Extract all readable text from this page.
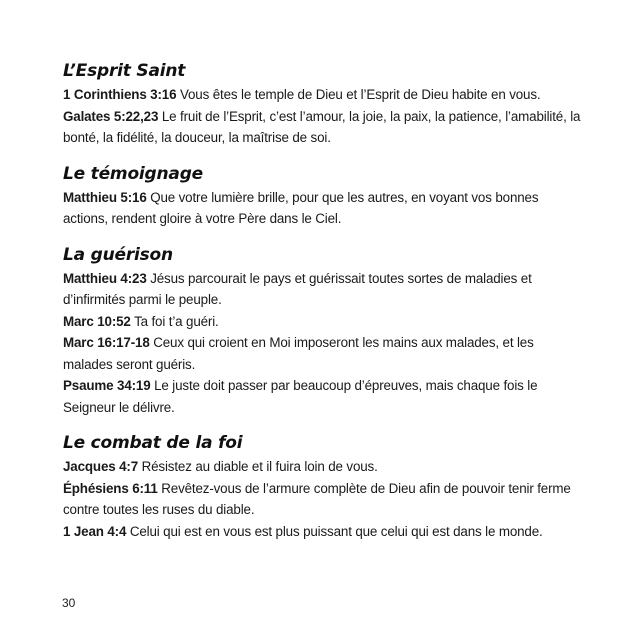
L’Esprit Saint

1 Corinthiens 3:16 Vous êtes le temple de Dieu et l’Esprit de Dieu habite en vous.

Galates 5:22,23 Le fruit de l’Esprit, c’est l’amour, la joie, la paix, la patience, l’amabilité, la bonté, la fidélité, la douceur, la maîtrise de soi.

Le témoignage

Matthieu 5:16 Que votre lumière brille, pour que les autres, en voyant vos bonnes actions, rendent gloire à votre Père dans le Ciel.

La guérison

Matthieu 4:23 Jésus parcourait le pays et guérissait toutes sortes de maladies et d’infirmités parmi le peuple.

Marc 10:52 Ta foi t’a guéri.

Marc 16:17-18 Ceux qui croient en Moi imposeront les mains aux malades, et les malades seront guéris.

Psaume 34:19 Le juste doit passer par beaucoup d’épreuves, mais chaque fois le Seigneur le délivre.

Le combat de la foi

Jacques 4:7 Résistez au diable et il fuira loin de vous.

Éphésiens 6:11 Revêtez-vous de l’armure complète de Dieu afin de pouvoir tenir ferme contre toutes les ruses du diable.

1 Jean 4:4 Celui qui est en vous est plus puissant que celui qui est dans le monde.

30
